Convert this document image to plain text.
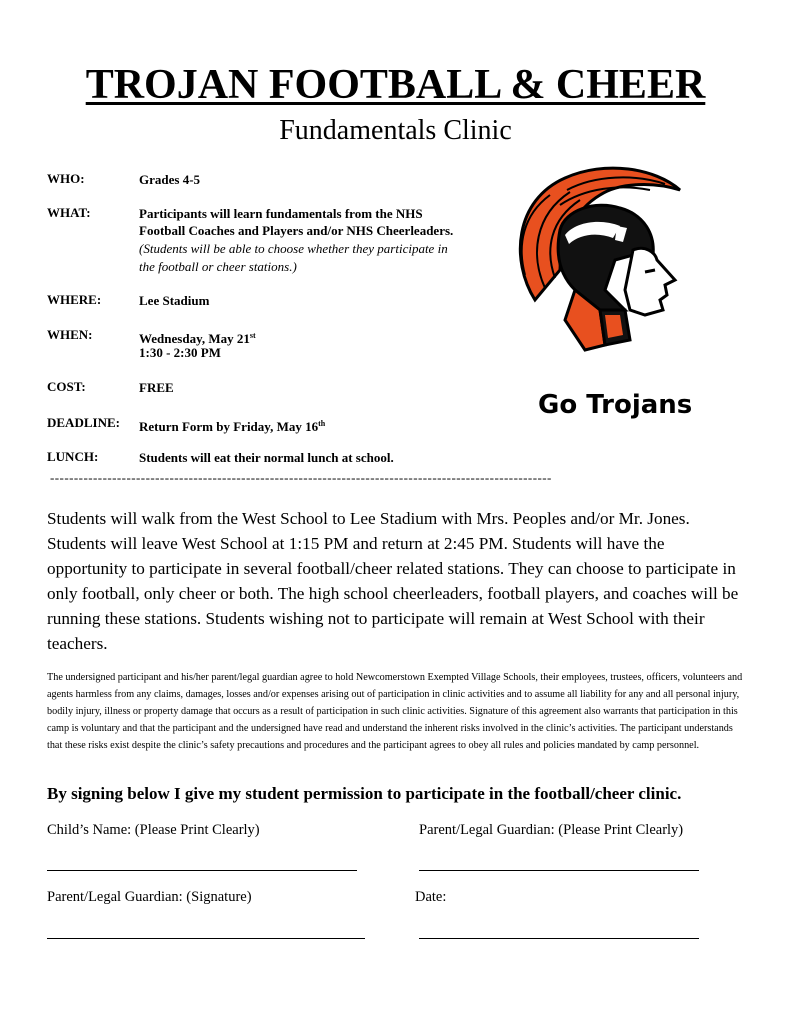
TROJAN FOOTBALL & CHEER
Fundamentals Clinic
WHO:	Grades 4-5
WHAT:	Participants will learn fundamentals from the NHS
Football Coaches and Players and/or NHS Cheerleaders.
(Students will be able to choose whether they participate in
the football or cheer stations.)
WHERE:	Lee Stadium
WHEN:	Wednesday, May 21st
1:30 - 2:30 PM
COST:	FREE
DEADLINE: Return Form by Friday, May 16th
LUNCH:	Students will eat their normal lunch at school.
Go Trojans
---------------------------------------------------------------------------------------------------------
Students will walk from the West School to Lee Stadium with Mrs. Peoples and/or Mr. Jones. Students will leave West School at 1:15 PM and return at 2:45 PM. Students will have the opportunity to participate in several football/cheer related stations. They can choose to participate in only football, only cheer or both. The high school cheerleaders, football players, and coaches will be running these stations. Students wishing not to participate will remain at West School with their teachers.
The undersigned participant and his/her parent/legal guardian agree to hold Newcomerstown Exempted Village Schools, their employees, trustees, officers, volunteers and agents harmless from any claims, damages, losses and/or expenses arising out of participation in clinic activities and to assume all liability for any and all personal injury, bodily injury, illness or property damage that occurs as a result of participation in such clinic activities. Signature of this agreement also warrants that participation in this camp is voluntary and that the participant and the undersigned have read and understand the inherent risks involved in the clinic’s activities. The participant understands that these risks exist despite the clinic’s safety precautions and procedures and the participant agrees to obey all rules and policies mandated by camp personnel.
By signing below I give my student permission to participate in the football/cheer clinic.
Child’s Name: (Please Print Clearly)	Parent/Legal Guardian: (Please Print Clearly)
Parent/Legal Guardian: (Signature)	Date:
